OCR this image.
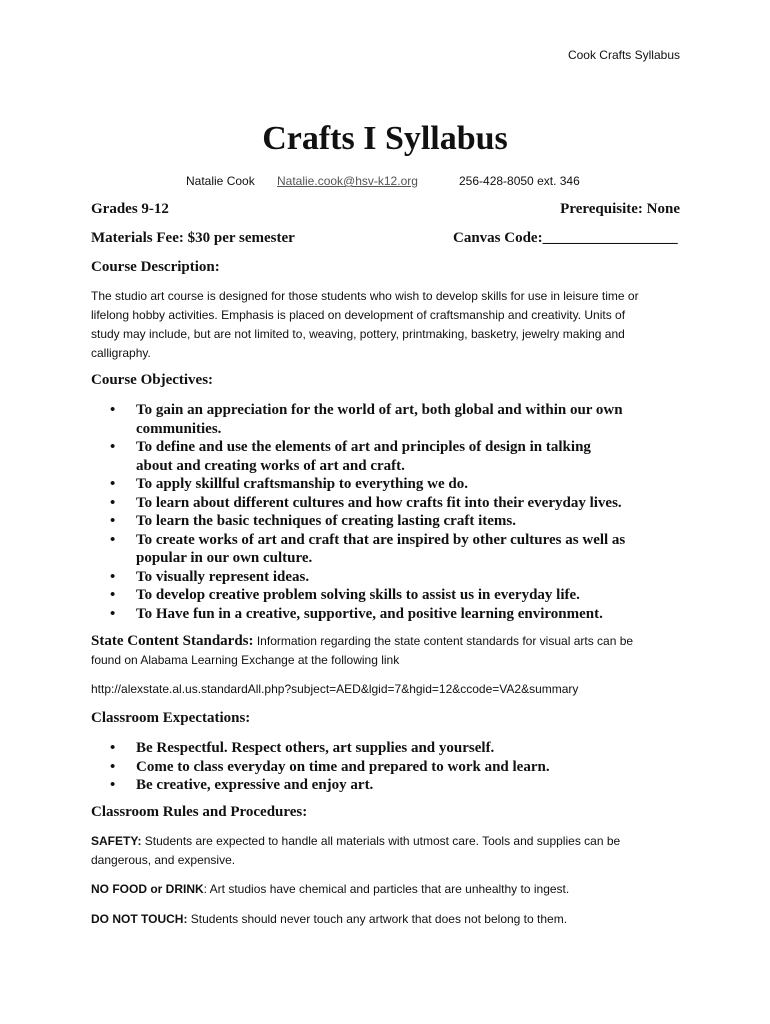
Cook Crafts Syllabus
Crafts I Syllabus
Natalie Cook Natalie.cook@hsv-k12.org	256-428-8050 ext. 346
Grades 9-12	Prerequisite: None
Materials Fee: $30 per semester	Canvas Code:__________________
Course Description:
The studio art course is designed for those students who wish to develop skills for use in leisure time or
lifelong hobby activities. Emphasis is placed on development of craftsmanship and creativity. Units of
study may include, but are not limited to, weaving, pottery, printmaking, basketry, jewelry making and
calligraphy.
Course Objectives:
• To gain an appreciation for the world of art, both global and within our own
communities.
• To define and use the elements of art and principles of design in talking
about and creating works of art and craft.
• To apply skillful craftsmanship to everything we do.
• To learn about different cultures and how crafts fit into their everyday lives.
• To learn the basic techniques of creating lasting craft items.
• To create works of art and craft that are inspired by other cultures as well as
popular in our own culture.
• To visually represent ideas.
• To develop creative problem solving skills to assist us in everyday life.
• To Have fun in a creative, supportive, and positive learning environment.
State Content Standards: Information regarding the state content standards for visual arts can be
found on Alabama Learning Exchange at the following link
http://alexstate.al.us.standardAll.php?subject=AED&lgid=7&hgid=12&ccode=VA2&summary
Classroom Expectations:
• Be Respectful. Respect others, art supplies and yourself.
• Come to class everyday on time and prepared to work and learn.
• Be creative, expressive and enjoy art.
Classroom Rules and Procedures:
SAFETY: Students are expected to handle all materials with utmost care. Tools and supplies can be
dangerous, and expensive.
NO FOOD or DRINK: Art studios have chemical and particles that are unhealthy to ingest.
DO NOT TOUCH: Students should never touch any artwork that does not belong to them.
